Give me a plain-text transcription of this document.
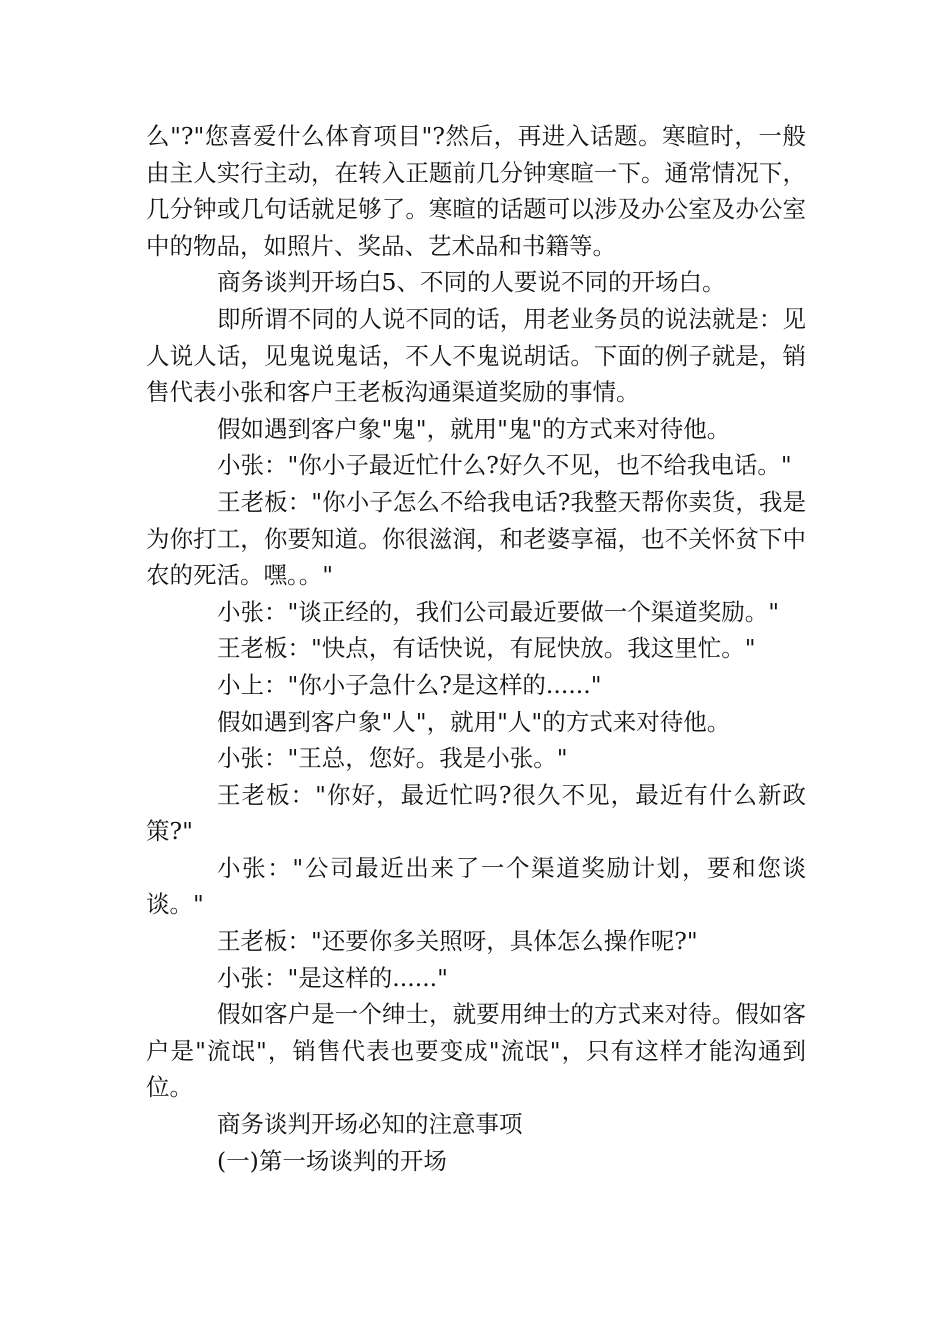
么"?"您喜爱什么体育项目"?然后，再进入话题。寒暄时，一般由主人实行主动，在转入正题前几分钟寒暄一下。通常情况下，几分钟或几句话就足够了。寒暄的话题可以涉及办公室及办公室中的物品，如照片、奖品、艺术品和书籍等。

商务谈判开场白5、不同的人要说不同的开场白。

即所谓不同的人说不同的话，用老业务员的说法就是：见人说人话，见鬼说鬼话，不人不鬼说胡话。下面的例子就是，销售代表小张和客户王老板沟通渠道奖励的事情。

假如遇到客户象"鬼"，就用"鬼"的方式来对待他。

小张："你小子最近忙什么?好久不见，也不给我电话。"

王老板："你小子怎么不给我电话?我整天帮你卖货，我是为你打工，你要知道。你很滋润，和老婆享福，也不关怀贫下中农的死活。嘿。。"

小张："谈正经的，我们公司最近要做一个渠道奖励。"

王老板："快点，有话快说，有屁快放。我这里忙。"

小上："你小子急什么?是这样的......"

假如遇到客户象"人"，就用"人"的方式来对待他。

小张："王总，您好。我是小张。"

王老板："你好，最近忙吗?很久不见，最近有什么新政策?"

小张："公司最近出来了一个渠道奖励计划，要和您谈谈。"

王老板："还要你多关照呀，具体怎么操作呢?"

小张："是这样的......"

假如客户是一个绅士，就要用绅士的方式来对待。假如客户是"流氓"，销售代表也要变成"流氓"，只有这样才能沟通到位。

商务谈判开场必知的注意事项

(一)第一场谈判的开场
